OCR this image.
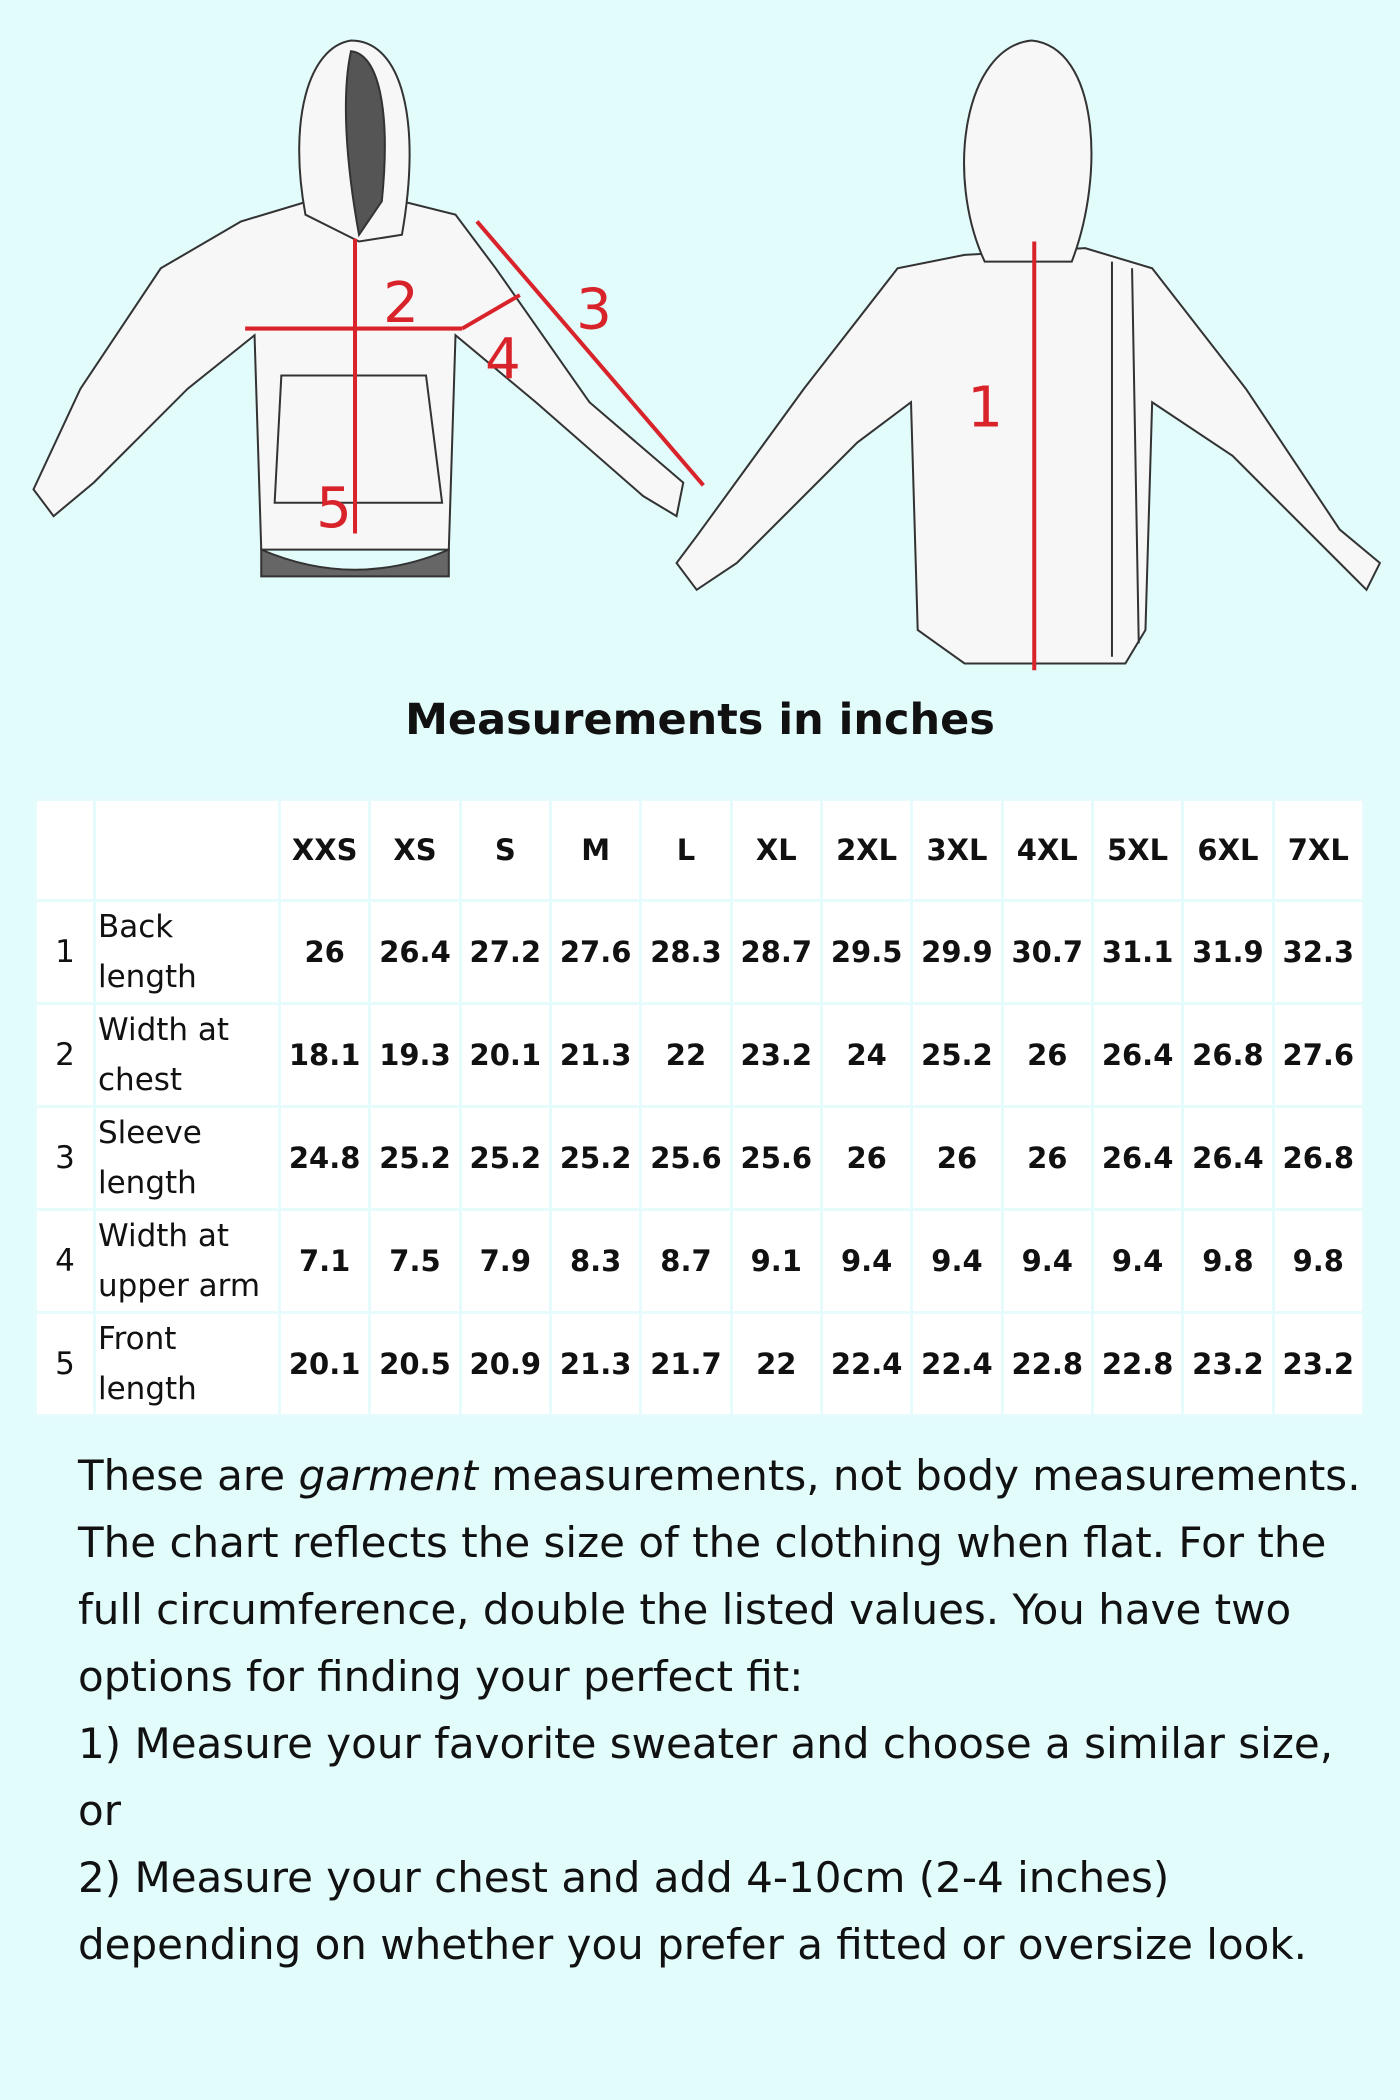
1
2	3
4
5
Measurements in inches
		XXS	XS	S	M	L	XL	2XL	3XL	4XL	5XL	6XL	7XL
1	Back length	26	26.4	27.2	27.6	28.3	28.7	29.5	29.9	30.7	31.1	31.9	32.3
2	Width at chest	18.1	19.3	20.1	21.3	22	23.2	24	25.2	26	26.4	26.8	27.6
3	Sleeve length	24.8	25.2	25.2	25.2	25.6	25.6	26	26	26	26.4	26.4	26.8
4	Width at upper arm	7.1	7.5	7.9	8.3	8.7	9.1	9.4	9.4	9.4	9.4	9.8	9.8
5	Front length	20.1	20.5	20.9	21.3	21.7	22	22.4	22.4	22.8	22.8	23.2	23.2

These are garment measurements, not body measurements. The chart reflects the size of the clothing when flat. For the full circumference, double the listed values. You have two options for finding your perfect fit:

1) Measure your favorite sweater and choose a similar size, or

2) Measure your chest and add 4-10cm (2-4 inches) depending on whether you prefer a fitted or oversize look.
